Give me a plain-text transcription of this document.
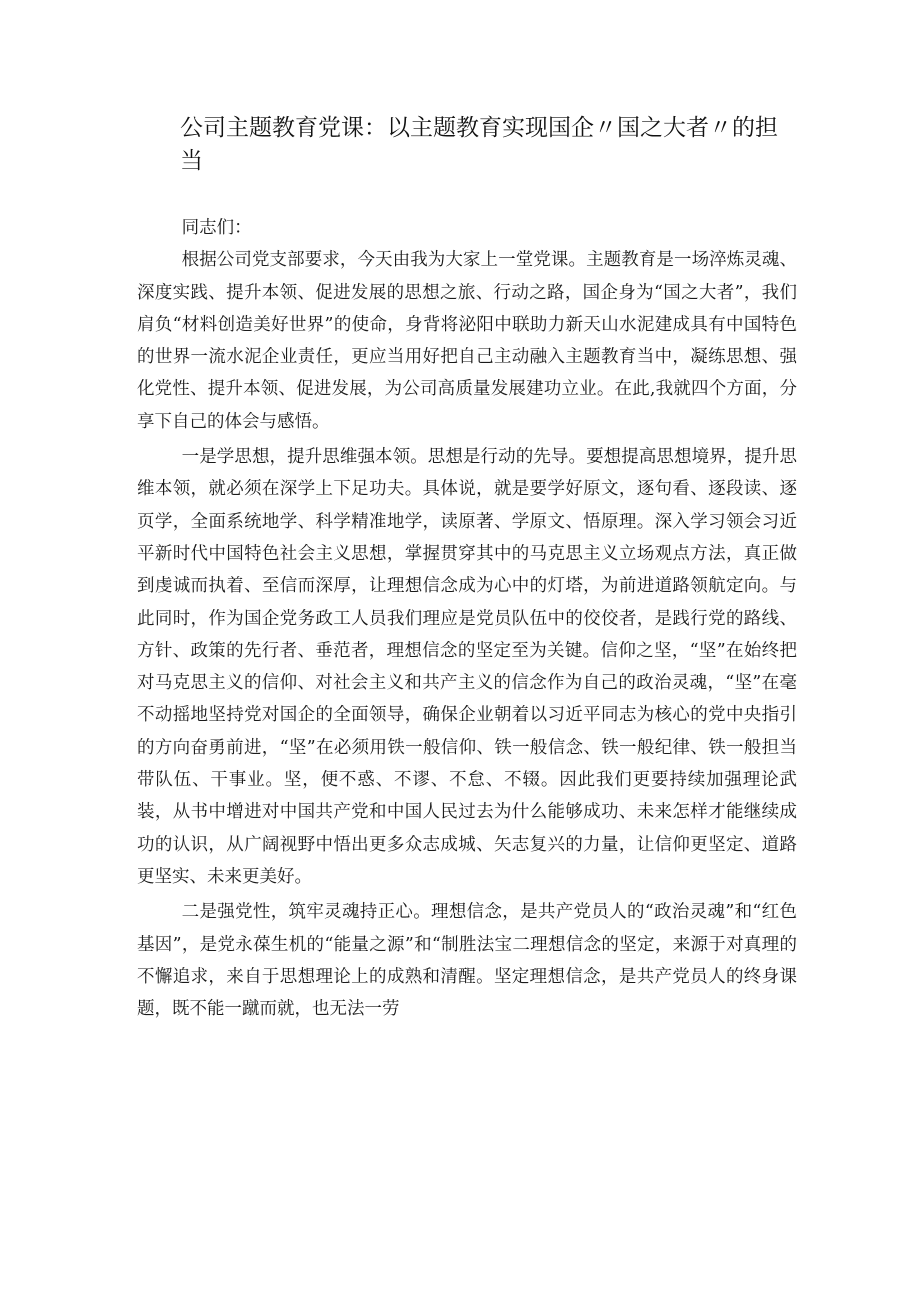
公司主题教育党课：以主题教育实现国企〃国之大者〃的担当

同志们：

根据公司党支部要求，今天由我为大家上一堂党课。主题教育是一场淬炼灵魂、深度实践、提升本领、促进发展的思想之旅、行动之路，国企身为“国之大者”，我们肩负“材料创造美好世界”的使命，身背将泌阳中联助力新天山水泥建成具有中国特色的世界一流水泥企业责任，更应当用好把自己主动融入主题教育当中，凝练思想、强化党性、提升本领、促进发展，为公司高质量发展建功立业。在此,我就四个方面，分享下自己的体会与感悟。

一是学思想，提升思维强本领。思想是行动的先导。要想提高思想境界，提升思维本领，就必须在深学上下足功夫。具体说，就是要学好原文，逐句看、逐段读、逐页学，全面系统地学、科学精准地学，读原著、学原文、悟原理。深入学习领会习近平新时代中国特色社会主义思想，掌握贯穿其中的马克思主义立场观点方法，真正做到虔诚而执着、至信而深厚，让理想信念成为心中的灯塔，为前进道路领航定向。与此同时，作为国企党务政工人员我们理应是党员队伍中的佼佼者，是践行党的路线、方针、政策的先行者、垂范者，理想信念的坚定至为关键。信仰之坚，“坚”在始终把对马克思主义的信仰、对社会主义和共产主义的信念作为自己的政治灵魂，“坚”在毫不动摇地坚持党对国企的全面领导，确保企业朝着以习近平同志为核心的党中央指引的方向奋勇前进，“坚”在必须用铁一般信仰、铁一般信念、铁一般纪律、铁一般担当带队伍、干事业。坚，便不惑、不谬、不怠、不辍。因此我们更要持续加强理论武装，从书中增进对中国共产党和中国人民过去为什么能够成功、未来怎样才能继续成功的认识，从广阔视野中悟出更多众志成城、矢志复兴的力量，让信仰更坚定、道路更坚实、未来更美好。

二是强党性，筑牢灵魂持正心。理想信念，是共产党员人的“政治灵魂”和“红色基因”，是党永葆生机的“能量之源”和“制胜法宝二理想信念的坚定，来源于对真理的不懈追求，来自于思想理论上的成熟和清醒。坚定理想信念，是共产党员人的终身课题，既不能一蹴而就，也无法一劳
